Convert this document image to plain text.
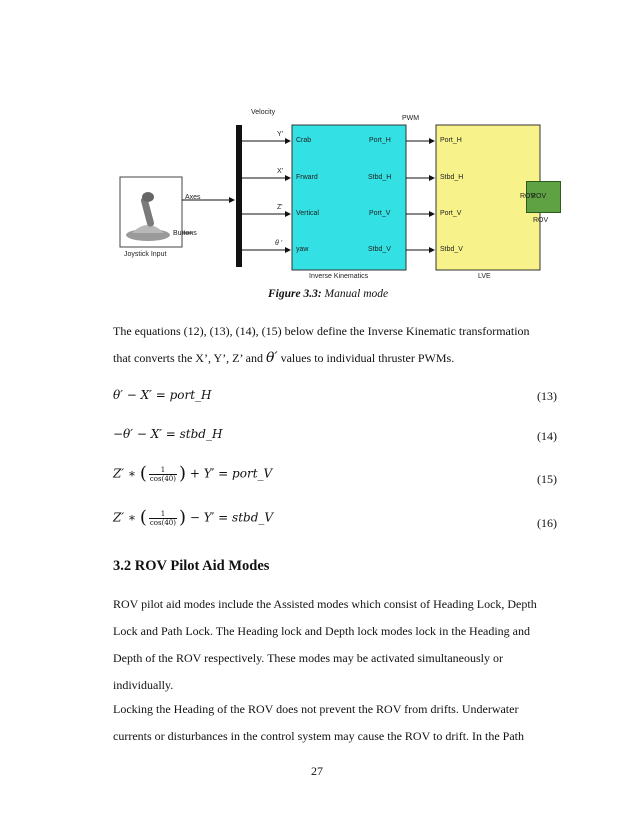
Axes
Buttons
Joystick Input
Velocity
Y'
X'
Z'
θ '
Crab
Frward
Vertical
yaw
Port_H
Stbd_H
Port_V
Stbd_V
Inverse Kinematics
PWM
Port_H
Stbd_H
Port_V
Stbd_V
ROV
LVE
ROV
ROV
Figure 3.3: Manual mode
The equations (12), (13), (14), (15) below define the Inverse Kinematic transformation
that converts the X’, Y’, Z’ and θ′ values to individual thruster PWMs.
θ′ − X′ = port_H	(13)
−θ′ − X′ = stbd_H	(14)
Z′ ∗ ( $\frac{1}{\cos(40)}$ ) + Y′ = port_V	(15)
Z′ ∗ ( $\frac{1}{\cos(40)}$ ) − Y′ = stbd_V	(16)
3.2 ROV Pilot Aid Modes
ROV pilot aid modes include the Assisted modes which consist of Heading Lock, Depth
Lock and Path Lock. The Heading lock and Depth lock modes lock in the Heading and
Depth of the ROV respectively. These modes may be activated simultaneously or
individually.
Locking the Heading of the ROV does not prevent the ROV from drifts. Underwater
currents or disturbances in the control system may cause the ROV to drift. In the Path
27
